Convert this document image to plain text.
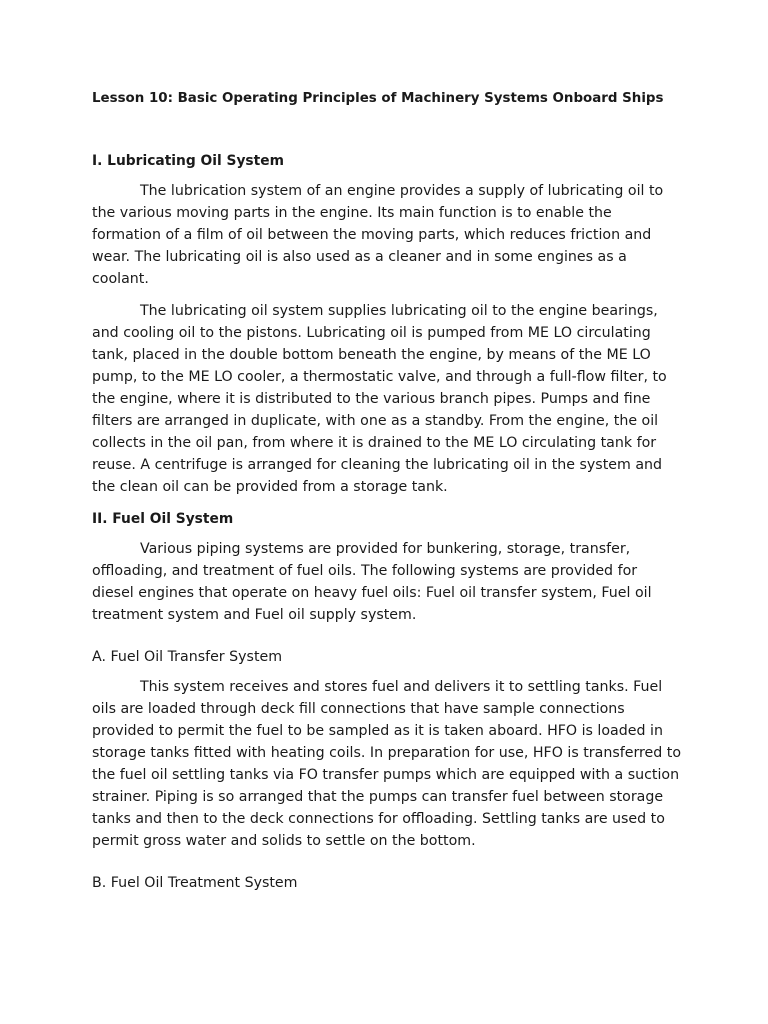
Lesson 10: Basic Operating Principles of Machinery Systems Onboard Ships
I. Lubricating Oil System

The lubrication system of an engine provides a supply of lubricating oil to the various moving parts in the engine. Its main function is to enable the formation of a film of oil between the moving parts, which reduces friction and wear. The lubricating oil is also used as a cleaner and in some engines as a coolant.

The lubricating oil system supplies lubricating oil to the engine bearings, and cooling oil to the pistons. Lubricating oil is pumped from ME LO circulating tank, placed in the double bottom beneath the engine, by means of the ME LO pump, to the ME LO cooler, a thermostatic valve, and through a full-flow filter, to the engine, where it is distributed to the various branch pipes. Pumps and fine filters are arranged in duplicate, with one as a standby. From the engine, the oil collects in the oil pan, from where it is drained to the ME LO circulating tank for reuse. A centrifuge is arranged for cleaning the lubricating oil in the system and the clean oil can be provided from a storage tank.

II. Fuel Oil System

Various piping systems are provided for bunkering, storage, transfer, offloading, and treatment of fuel oils. The following systems are provided for diesel engines that operate on heavy fuel oils: Fuel oil transfer system, Fuel oil treatment system and Fuel oil supply system.

A. Fuel Oil Transfer System

This system receives and stores fuel and delivers it to settling tanks. Fuel oils are loaded through deck fill connections that have sample connections provided to permit the fuel to be sampled as it is taken aboard. HFO is loaded in storage tanks fitted with heating coils. In preparation for use, HFO is transferred to the fuel oil settling tanks via FO transfer pumps which are equipped with a suction strainer. Piping is so arranged that the pumps can transfer fuel between storage tanks and then to the deck connections for offloading. Settling tanks are used to permit gross water and solids to settle on the bottom.

B. Fuel Oil Treatment System
